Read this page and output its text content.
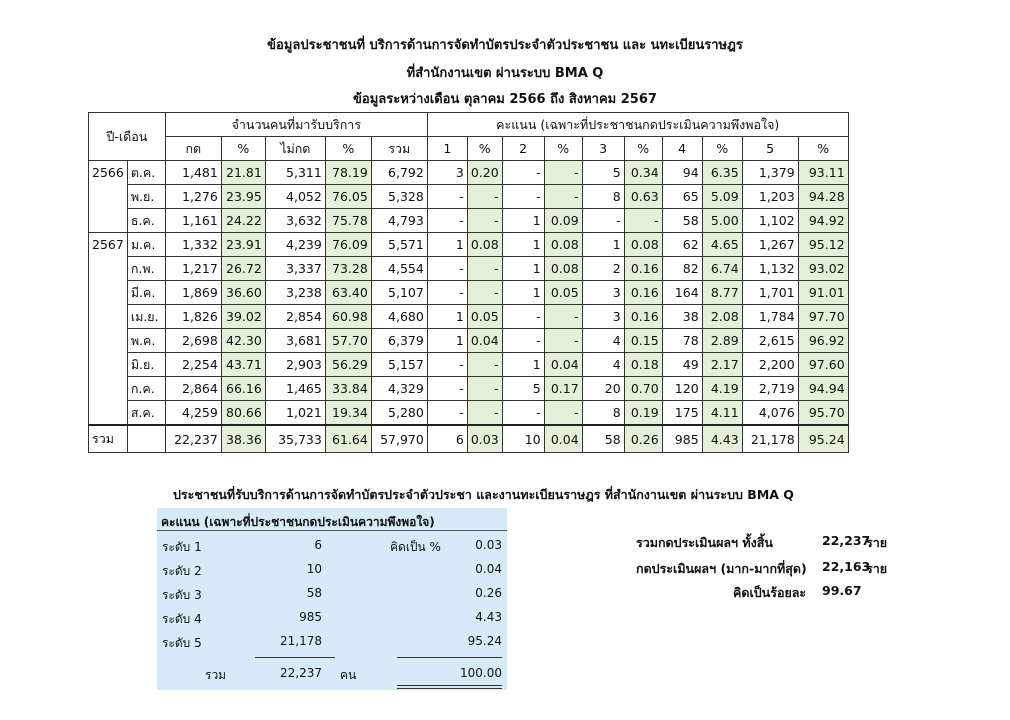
ข้อมูลประชาชนที่ บริการด้านการจัดทำบัตรประจำตัวประชาชน และ นทะเบียนราษฎร
ที่สำนักงานเขต ผ่านระบบ BMA Q
ข้อมูลระหว่างเดือน ตุลาคม 2566 ถึง สิงหาคม 2567
ปี-เดือน		จำนวนคนที่มารับบริการ					คะแนน (เฉพาะที่ประชาชนกดประเมินความพึงพอใจ)									
		กด	%	ไม่กด	%	รวม	1	%	2	%	3	%	4	%	5	%
2566	ต.ค.	1,481	21.81	5,311	78.19	6,792	3	0.20	-	-	5	0.34	94	6.35	1,379	93.11
	พ.ย.	1,276	23.95	4,052	76.05	5,328	-	-	-	-	8	0.63	65	5.09	1,203	94.28
	ธ.ค.	1,161	24.22	3,632	75.78	4,793	-	-	1	0.09	-	-	58	5.00	1,102	94.92
2567	ม.ค.	1,332	23.91	4,239	76.09	5,571	1	0.08	1	0.08	1	0.08	62	4.65	1,267	95.12
	ก.พ.	1,217	26.72	3,337	73.28	4,554	-	-	1	0.08	2	0.16	82	6.74	1,132	93.02
	มี.ค.	1,869	36.60	3,238	63.40	5,107	-	-	1	0.05	3	0.16	164	8.77	1,701	91.01
	เม.ย.	1,826	39.02	2,854	60.98	4,680	1	0.05	-	-	3	0.16	38	2.08	1,784	97.70
	พ.ค.	2,698	42.30	3,681	57.70	6,379	1	0.04	-	-	4	0.15	78	2.89	2,615	96.92
	มิ.ย.	2,254	43.71	2,903	56.29	5,157	-	-	1	0.04	4	0.18	49	2.17	2,200	97.60
	ก.ค.	2,864	66.16	1,465	33.84	4,329	-	-	5	0.17	20	0.70	120	4.19	2,719	94.94
	ส.ค.	4,259	80.66	1,021	19.34	5,280	-	-	-	-	8	0.19	175	4.11	4,076	95.70
รวม		22,237	38.36	35,733	61.64	57,970	6	0.03	10	0.04	58	0.26	985	4.43	21,178	95.24
ประชาชนที่รับบริการด้านการจัดทำบัตรประจำตัวประชา และงานทะเบียนราษฎร ที่สำนักงานเขต ผ่านระบบ BMA Q
คะแนน (เฉพาะที่ประชาชนกดประเมินความพึงพอใจ)
คิดเป็น %
ระดับ 1	6	0.03
ระดับ 2	10	0.04
ระดับ 3	58	0.26
ระดับ 4	985	4.43
ระดับ 5	21,178	95.24
รวม	22,237 คน	100.00
รวมกดประเมินผลฯ ทั้งสิ้น	22,237
ราย
กดประเมินผลฯ (มาก-มากที่สุด) 22,163
ราย
คิดเป็นร้อยละ 99.67
